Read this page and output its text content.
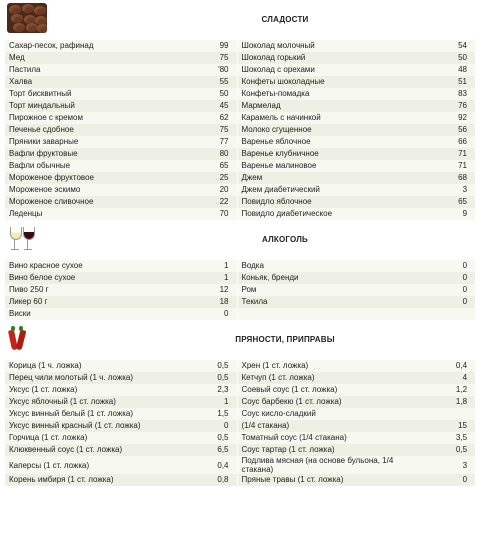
	СЛАДОСТИ		
Сахар-песок, рафинад	99	Шоколад молочный	54
Мед	75	Шоколад горький	50
Пастила	'80	Шоколад с орехами	48
Халва	55	Конфеты шоколадные	51
Торт бисквитный	50	Конфеты-помадка	83
Торт миндальный	45	Мармелад	76
Пирожное с кремом	62	Карамель с начинкой	92
Печенье сдобное	75	Молоко сгущенное	56
Пряники заварные	77	Варенье яблочное	66
Вафли фруктовые	80	Варенье клубничное	71
Вафли обычные	65	Варенье малиновое	71
Мороженое фруктовое	25	Джем	68
Мороженое эскимо	20	Джем диабетический	3
Мороженое сливочное	22	Повидло яблочное	65
Леденцы	70	Повидло диабетическое	9

	АЛКОГОЛЬ		
Вино красное сухое	1	Водка	0
Вино белое сухое	1	Коньяк, бренди	0
Пиво 250 г	12	Ром	0
Ликер 60 г	18	Текила	0
Виски	0		

	ПРЯНОСТИ, ПРИПРАВЫ		
Корица (1 ч. ложка)	0,5	Хрен (1 ст. ложка)	0,4
Перец чили молотый (1 ч. ложка)	0,5	Кетчуп (1 ст. ложка)	4
Уксус (1 ст. ложка)	2,3	Соевый соус (1 ст. ложка)	1,2
Уксус яблочный (1 ст. ложка)	1	Соус барбекю (1 ст. ложка)	1,8
Уксус винный белый (1 ст. ложка)	1,5	Соус кисло-сладкий	
Уксус винный красный (1 ст. ложка)	0	(1/4 стакана)	15
Горчица (1 ст. ложка)	0,5	Томатный соус (1/4 стакана)	3,5
Клюквенный соус (1 ст. ложка)	6,5	Соус тартар (1 ст. ложка)	0,5
Каперсы (1 ст. ложка)	0,4	Подлива мясная (на основе бульона, 1/4 стакана)	3
Корень имбиря (1 ст. ложка)	0,8	Пряные травы (1 ст. ложка)	0
